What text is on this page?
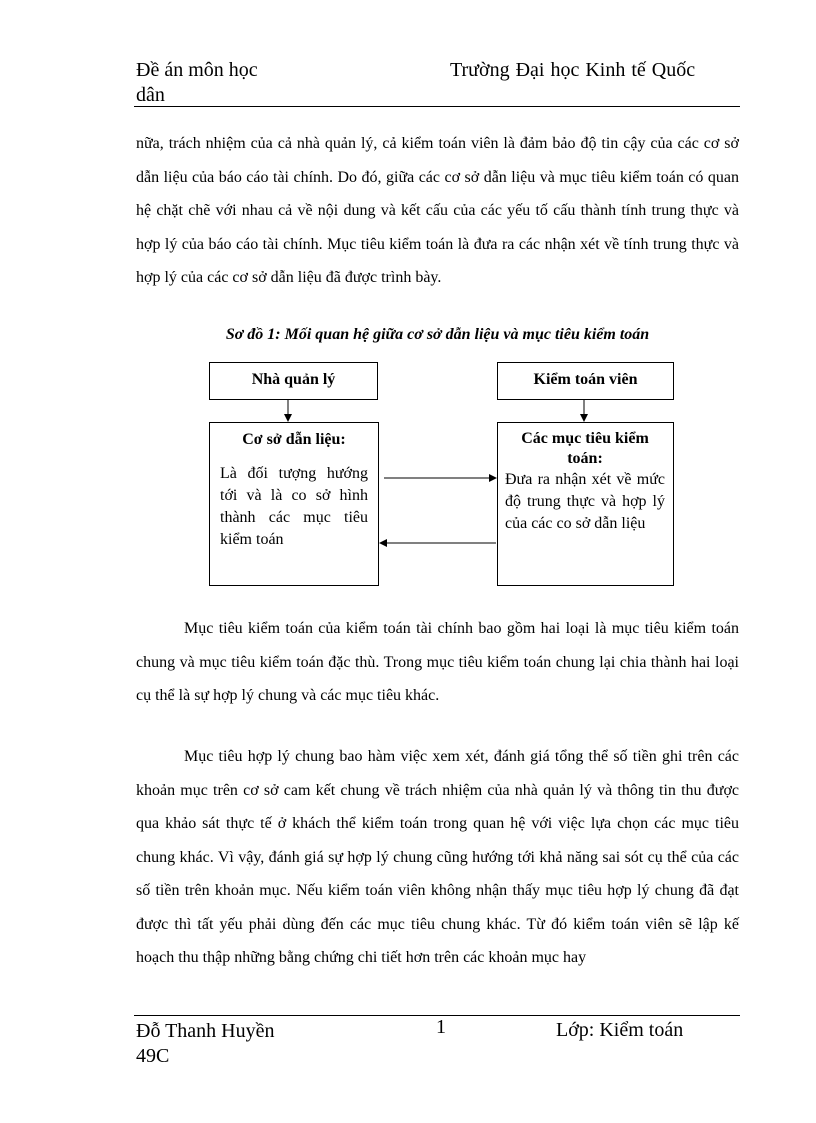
Đề án môn học
dân
Trường Đại học Kinh tế Quốc
nữa, trách nhiệm của cả nhà quản lý, cả kiểm toán viên là đảm bảo độ tin cậy của các cơ sở dẫn liệu của báo cáo tài chính. Do đó, giữa các cơ sở dẫn liệu và mục tiêu kiểm toán có quan hệ chặt chẽ với nhau cả về nội dung và kết cấu của các yếu tố cấu thành tính trung thực và hợp lý của báo cáo tài chính. Mục tiêu kiểm toán là đưa ra các nhận xét về tính trung thực và hợp lý của các cơ sở dẫn liệu đã được trình bày.
Sơ đồ 1: Mối quan hệ giữa cơ sở dẫn liệu và mục tiêu kiểm toán
Nhà quản lý	Kiểm toán viên
Cơ sở dẫn liệu:
Là đối tượng hướng tới và là co sở hình thành các mục tiêu kiểm toán
Các mục tiêu kiểm toán:
Đưa ra nhận xét về mức độ trung thực và hợp lý của các co sở dẫn liệu
Mục tiêu kiểm toán của kiểm toán tài chính bao gồm hai loại là mục tiêu kiểm toán chung và mục tiêu kiểm toán đặc thù. Trong mục tiêu kiểm toán chung lại chia thành hai loại cụ thể là sự hợp lý chung và các mục tiêu khác.
Mục tiêu hợp lý chung bao hàm việc xem xét, đánh giá tổng thể số tiền ghi trên các khoản mục trên cơ sở cam kết chung về trách nhiệm của nhà quản lý và thông tin thu được qua khảo sát thực tế ở khách thể kiểm toán trong quan hệ với việc lựa chọn các mục tiêu chung khác. Vì vậy, đánh giá sự hợp lý chung cũng hướng tới khả năng sai sót cụ thể của các số tiền trên khoản mục. Nếu kiểm toán viên không nhận thấy mục tiêu hợp lý chung đã đạt được thì tất yếu phải dùng đến các mục tiêu chung khác. Từ đó kiểm toán viên sẽ lập kế hoạch thu thập những bằng chứng chi tiết hơn trên các khoản mục hay
Đỗ Thanh Huyền
49C
1	Lớp: Kiểm toán
